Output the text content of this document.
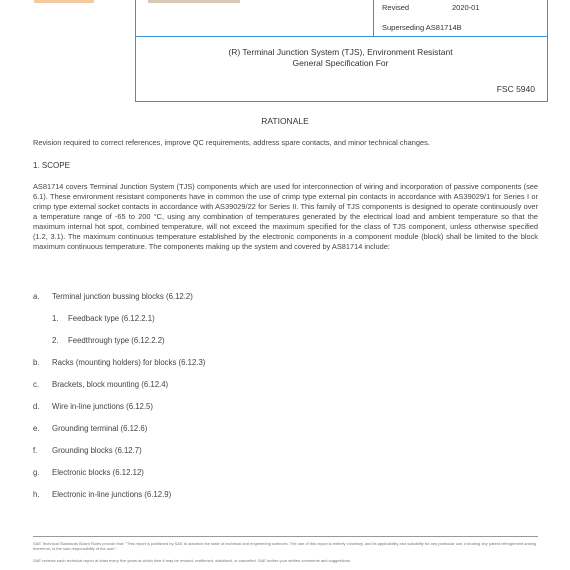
Revised	2020-01
Superseding AS81714B
(R) Terminal Junction System (TJS), Environment Resistant
General Specification For
FSC 5940
RATIONALE
Revision required to correct references, improve QC requirements, address spare contacts, and minor technical changes.
1. SCOPE
AS81714 covers Terminal Junction System (TJS) components which are used for interconnection of wiring and incorporation of passive components (see 6.1). These environment resistant components have in common the use of crimp type external pin contacts in accordance with AS39029/1 for Series I or crimp type external socket contacts in accordance with AS39029/22 for Series II. This family of TJS components is designed to operate continuously over a temperature range of -65 to 200 °C, using any combination of temperatures generated by the electrical load and ambient temperature so that the maximum internal hot spot, combined temperature, will not exceed the maximum specified for the class of TJS component, unless otherwise specified (1.2, 3.1). The maximum continuous temperature established by the electronic components in a component module (block) shall be limited to the block maximum continuous temperature. The components making up the system and covered by AS81714 include:
a. Terminal junction bussing blocks (6.12.2)
1. Feedback type (6.12.2.1)
2. Feedthrough type (6.12.2.2)
b. Racks (mounting holders) for blocks (6.12.3)
c. Brackets, block mounting (6.12.4)
d. Wire in-line junctions (6.12.5)
e. Grounding terminal (6.12.6)
f. Grounding blocks (6.12.7)
g. Electronic blocks (6.12.12)
h. Electronic in-line junctions (6.12.9)
SAE Technical Standards Board Rules provide that: "This report is published by SAE to advance the state of technical and engineering sciences. The use of this report is entirely voluntary, and its applicability and suitability for any particular use, including any patent infringement arising therefrom, is the sole responsibility of the user."
SAE reviews each technical report at least every five years at which time it may be revised, reaffirmed, stabilized, or cancelled. SAE invites your written comments and suggestions.
